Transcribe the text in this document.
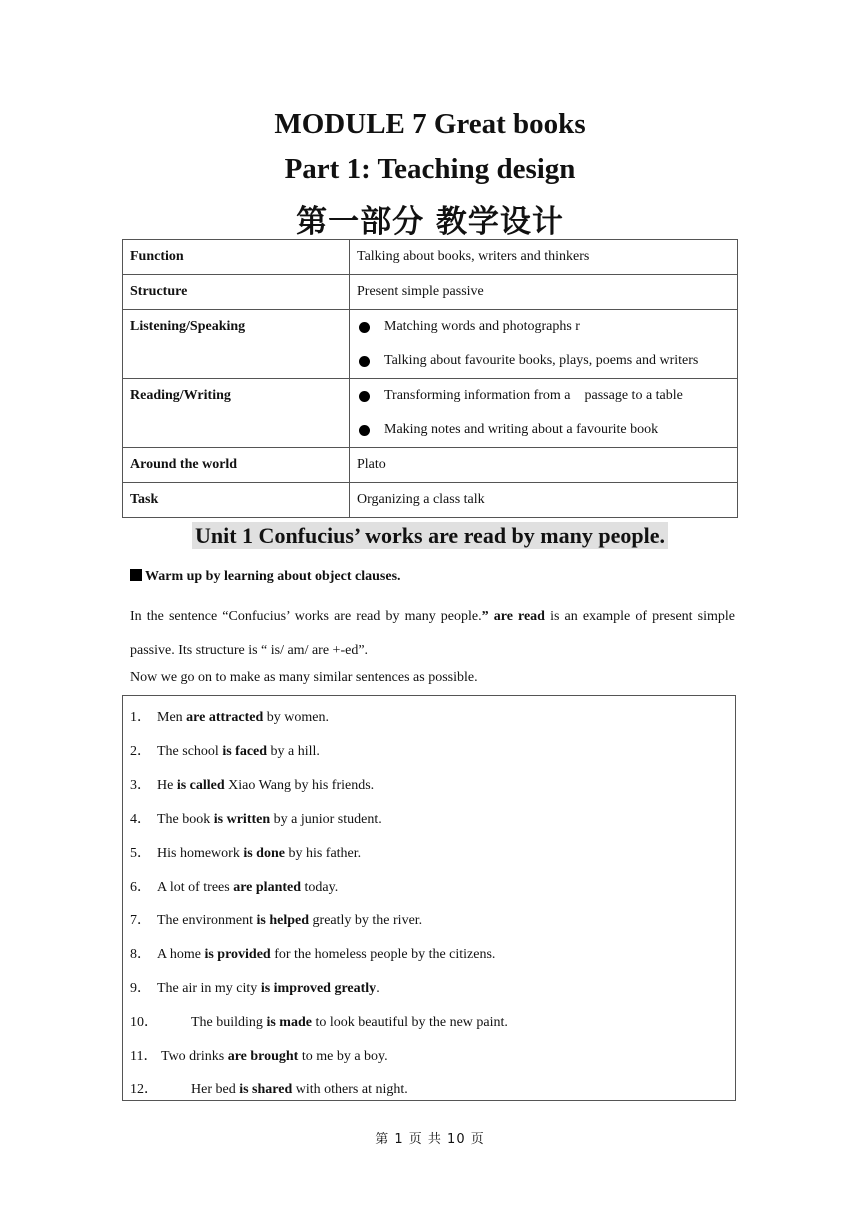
MODULE 7 Great books
Part 1: Teaching design
第一部分 教学设计
Function	Talking about books, writers and thinkers
Structure	Present simple passive
Listening/Speaking	Matching words and photographs r
Talking about favourite books, plays, poems and writers

Reading/Writing	Transforming information from a    passage to a table
Making notes and writing about a favourite book

Around the world	Plato
Task	Organizing a class talk
Unit 1 Confucius’ works are read by many people.
Warm up by learning about object clauses.
In the sentence “Confucius’ works are read by many people.” are read is an example of present simple passive. Its structure is “ is/ am/ are +-ed”.
Now we go on to make as many similar sentences as possible.
1． Men are attracted by women.
2． The school is faced by a hill.
3． He is called Xiao Wang by his friends.
4． The book is written by a junior student.
5． His homework is done by his father.
6． A lot of trees are planted today.
7． The environment is helped greatly by the river.
8． A home is provided for the homeless people by the citizens.
9． The air in my city is improved greatly.
10． The building is made to look beautiful by the new paint.
11． Two drinks are brought to me by a boy.
12． Her bed is shared with others at night.
第 1 页 共 10 页
